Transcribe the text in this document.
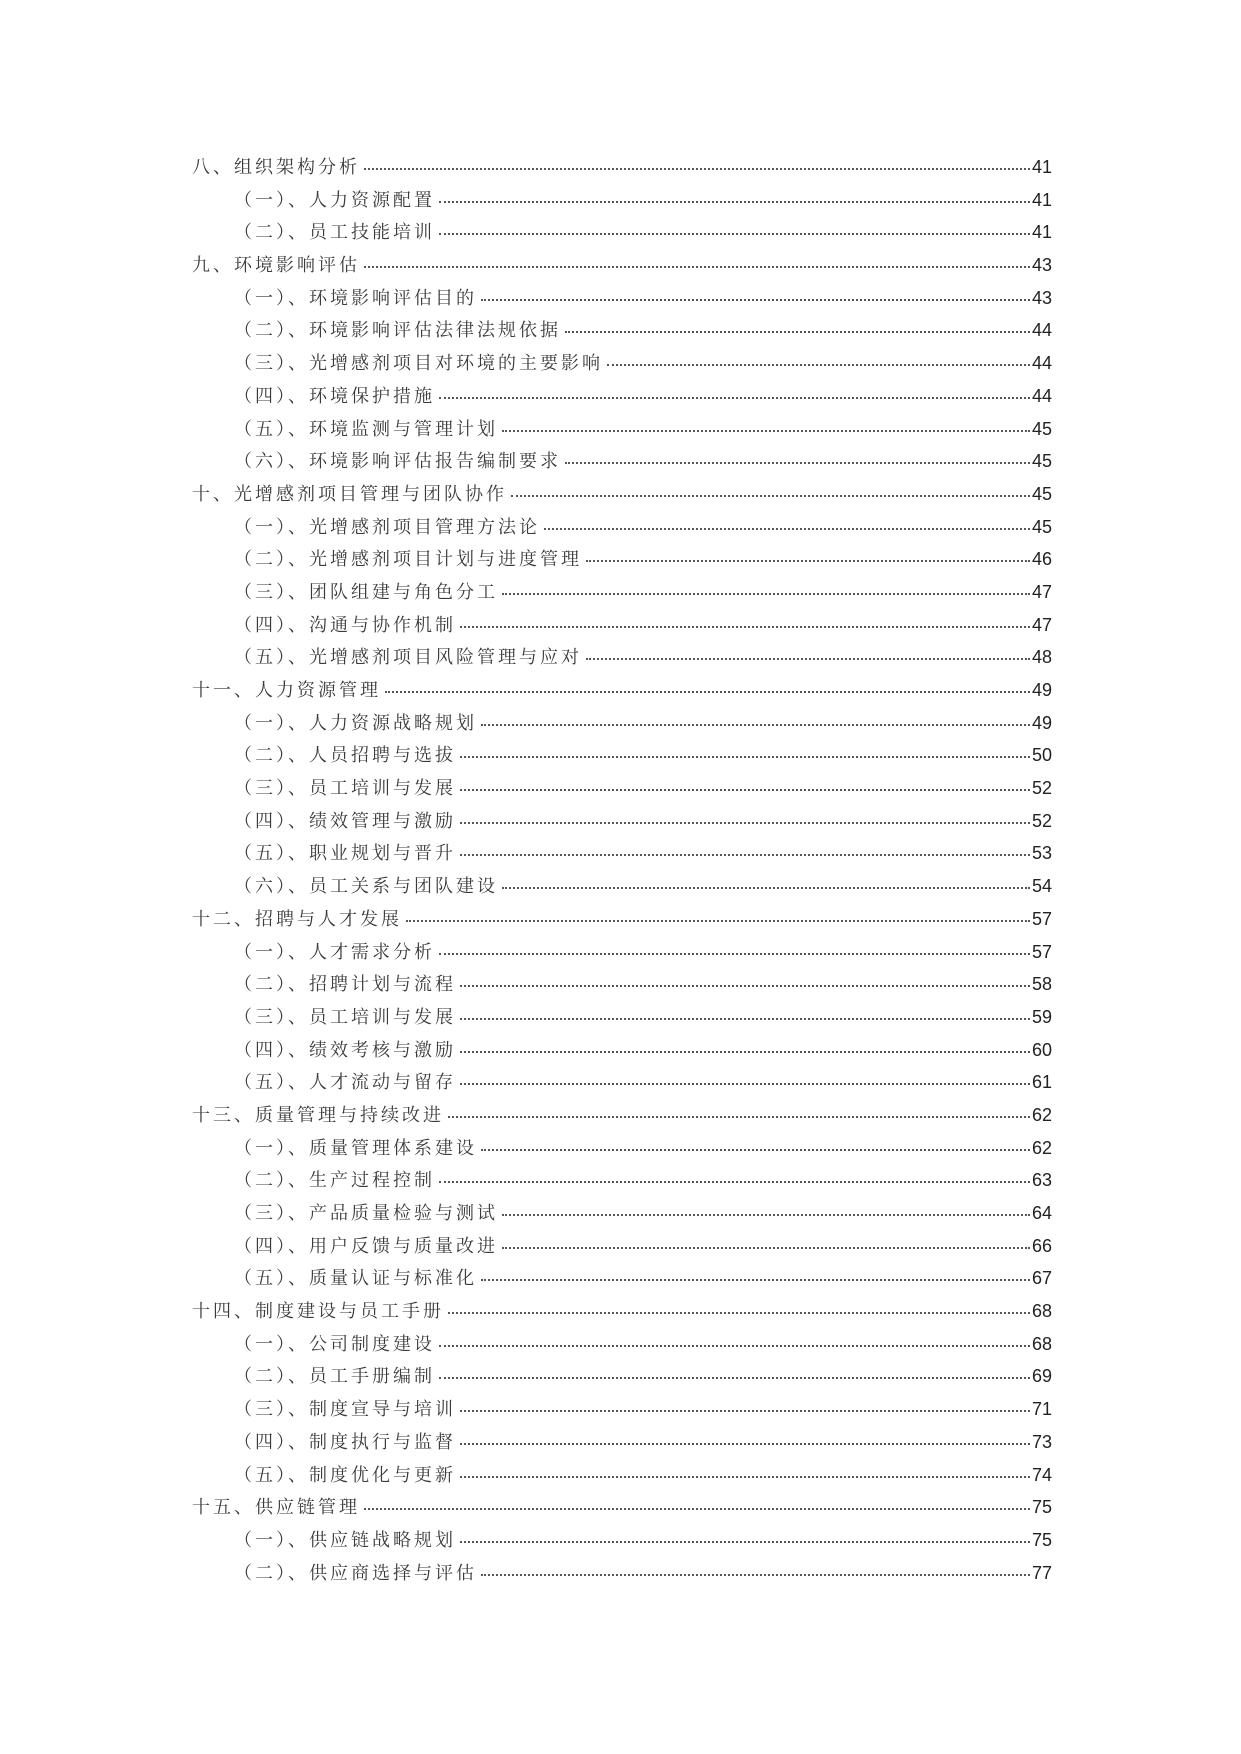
八、组织架构分析	41
（一）、人力资源配置	41
（二）、员工技能培训	41
九、环境影响评估	43
（一）、环境影响评估目的	43
（二）、环境影响评估法律法规依据	44
（三）、光增感剂项目对环境的主要影响	44
（四）、环境保护措施	44
（五）、环境监测与管理计划	45
（六）、环境影响评估报告编制要求	45
十、光增感剂项目管理与团队协作	45
（一）、光增感剂项目管理方法论	45
（二）、光增感剂项目计划与进度管理	46
（三）、团队组建与角色分工	47
（四）、沟通与协作机制	47
（五）、光增感剂项目风险管理与应对	48
十一、人力资源管理	49
（一）、人力资源战略规划	49
（二）、人员招聘与选拔	50
（三）、员工培训与发展	52
（四）、绩效管理与激励	52
（五）、职业规划与晋升	53
（六）、员工关系与团队建设	54
十二、招聘与人才发展	57
（一）、人才需求分析	57
（二）、招聘计划与流程	58
（三）、员工培训与发展	59
（四）、绩效考核与激励	60
（五）、人才流动与留存	61
十三、质量管理与持续改进	62
（一）、质量管理体系建设	62
（二）、生产过程控制	63
（三）、产品质量检验与测试	64
（四）、用户反馈与质量改进	66
（五）、质量认证与标准化	67
十四、制度建设与员工手册	68
（一）、公司制度建设	68
（二）、员工手册编制	69
（三）、制度宣导与培训	71
（四）、制度执行与监督	73
（五）、制度优化与更新	74
十五、供应链管理	75
（一）、供应链战略规划	75
（二）、供应商选择与评估	77
